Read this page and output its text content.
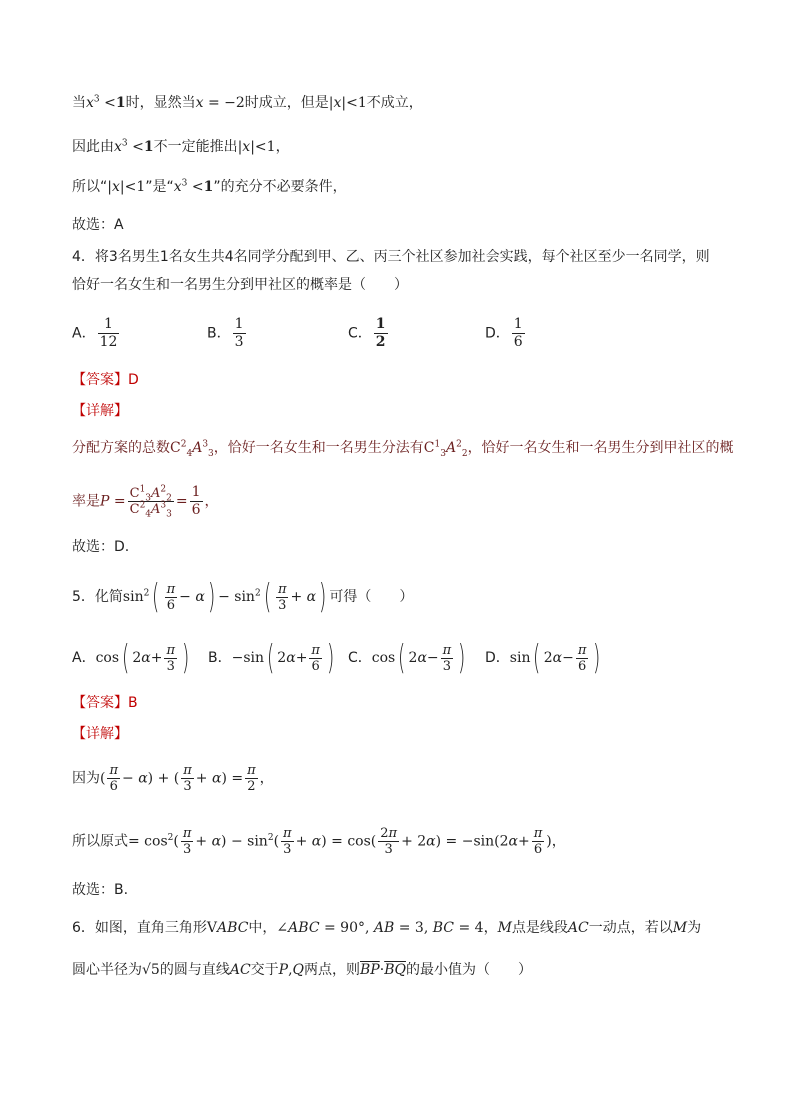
当$x^3 <1$时，显然当x = −2时成立，但是|x|<1不成立，
因此由$x^3 <1$不一定能推出|x|<1，
所以“|x|<1”是“$x^3 <1$”的充分不必要条件，
故选：A
4．将3名男生1名女生共4名同学分配到甲、乙、丙三个社区参加社会实践，每个社区至少一名同学，则
恰好一名女生和一名男生分到甲社区的概率是（　　）
A． $\frac{1}{12}$	B． $\frac{1}{3}$	C． $\frac{1}{2}$	D． $\frac{1}{6}$
【答案】D
【详解】
分配方案的总数$C^2_4A^3_3$，恰好一名女生和一名男生分法有$C^1_3A^2_2$，恰好一名女生和一名男生分到甲社区的概
率是$P = \frac{C^1_3A^2_2}{C^2_4A^3_3} = \frac{1}{6}$ ，
故选：D.
5．化简$\sin^2( \frac{\pi}{6} - \alpha) - \sin^2( \frac{\pi}{3} + \alpha)$ 可得（　　）
A．cos( $2\alpha+ \frac{\pi}{3}$ ) B．−sin( $2\alpha+ \frac{\pi}{6}$ ) C．cos( $2\alpha- \frac{\pi}{3}$ ) D．sin( $2\alpha- \frac{\pi}{6}$ )
【答案】B
【详解】
因为( $\frac{\pi}{6} - \alpha$) + ( $\frac{\pi}{3} + \alpha) = \frac{\pi}{2}$ ，
所以原式= $\cos^2( \frac{\pi}{3} + \alpha) - \sin^2( \frac{\pi}{3} + \alpha) = \cos( \frac{2\pi}{3} + 2\alpha) = -\sin(2\alpha+ \frac{\pi}{6}$ )，
故选：B.
6．如图，直角三角形VABC中，∠ABC = 90°, AB = 3, BC = 4，M点是线段AC一动点，若以M为
圆心半径为√5的圆与直线AC交于P,Q两点，则$\overline{BP}\cdot\overline{BQ}$的最小值为（　　）
